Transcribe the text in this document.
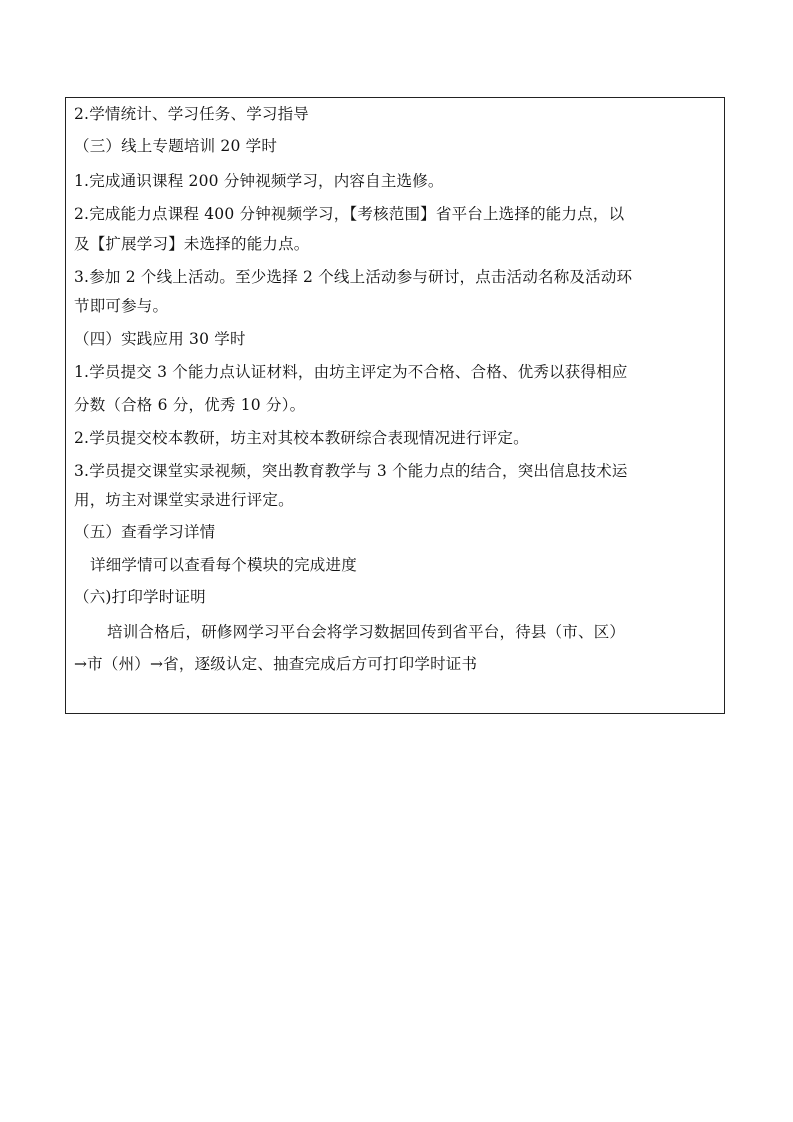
2.学情统计、学习任务、学习指导
（三）线上专题培训 20 学时
1.完成通识课程 200 分钟视频学习，内容自主选修。
2.完成能力点课程 400 分钟视频学习，【考核范围】省平台上选择的能力点，以
及【扩展学习】未选择的能力点。
3.参加 2 个线上活动。至少选择 2 个线上活动参与研讨，点击活动名称及活动环
节即可参与。
（四）实践应用 30 学时
1.学员提交 3 个能力点认证材料，由坊主评定为不合格、合格、优秀以获得相应
分数（合格 6 分，优秀 10 分）。
2.学员提交校本教研，坊主对其校本教研综合表现情况进行评定。
3.学员提交课堂实录视频，突出教育教学与 3 个能力点的结合，突出信息技术运
用，坊主对课堂实录进行评定。
（五）查看学习详情
详细学情可以查看每个模块的完成进度
（六)打印学时证明
培训合格后，研修网学习平台会将学习数据回传到省平台，待县（市、区）
→市（州）→省，逐级认定、抽查完成后方可打印学时证书
